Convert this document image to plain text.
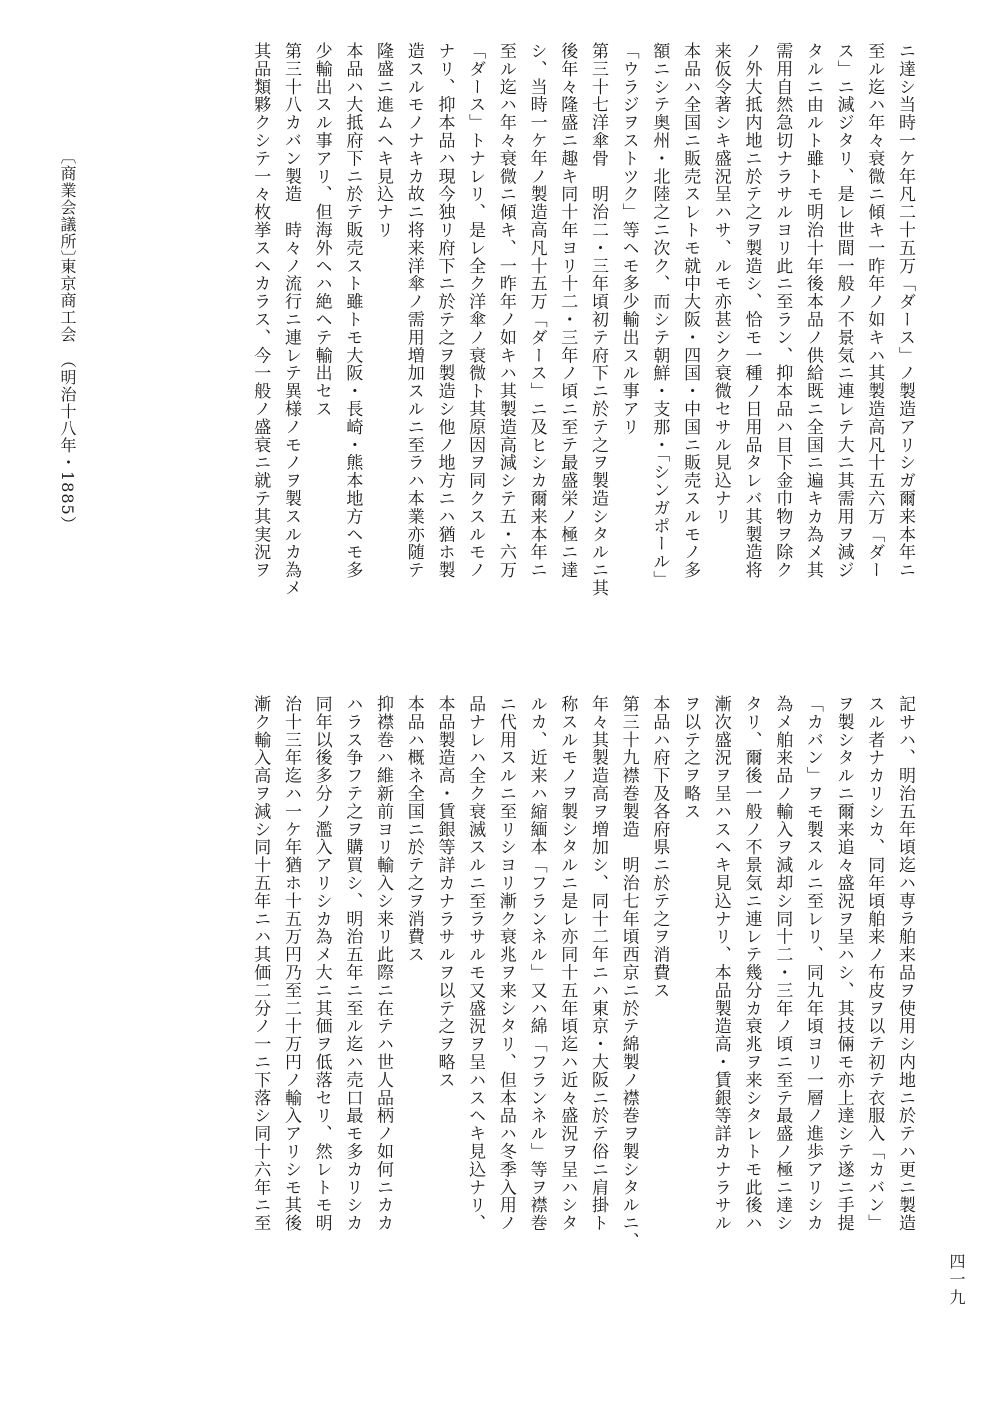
ニ達シ当時一ケ年凡二十五万「ダース」ノ製造アリシガ爾来本年ニ

至ル迄ハ年々衰微ニ傾キ一昨年ノ如キハ其製造高凡十五六万「ダー

ス」ニ減ジタリ、是レ世間一般ノ不景気ニ連レテ大ニ其需用ヲ減ジ

タルニ由ルト雖トモ明治十年後本品ノ供給既ニ全国ニ遍キカ為メ其

需用自然急切ナラサルヨリ此ニ至ラン、抑本品ハ目下金巾物ヲ除ク

ノ外大抵内地ニ於テ之ヲ製造シ、恰モ一種ノ日用品タレバ其製造将

来仮令著シキ盛況呈ハサ、ルモ亦甚シク衰微セサル見込ナリ

本品ハ全国ニ販売スレトモ就中大阪・四国・中国ニ販売スルモノ多

額ニシテ奥州・北陸之ニ次ク、而シテ朝鮮・支那・「シンガポール」

「ウラジヲストツク」等ヘモ多少輸出スル事アリ

第三十七洋傘骨　明治二・三年頃初テ府下ニ於テ之ヲ製造シタルニ其

後年々隆盛ニ趣キ同十年ヨリ十二・三年ノ頃ニ至テ最盛栄ノ極ニ達

シ、当時一ケ年ノ製造高凡十五万「ダース」ニ及ヒシカ爾来本年ニ

至ル迄ハ年々衰微ニ傾キ、一昨年ノ如キハ其製造高減シテ五・六万

「ダース」トナレリ、是レ全ク洋傘ノ衰微ト其原因ヲ同クスルモノ

ナリ、抑本品ハ現今独リ府下ニ於テ之ヲ製造シ他ノ地方ニハ猶ホ製

造スルモノナキカ故ニ将来洋傘ノ需用増加スルニ至ラハ本業亦随テ

隆盛ニ進ムヘキ見込ナリ

本品ハ大抵府下ニ於テ販売スト雖トモ大阪・長崎・熊本地方ヘモ多

少輸出スル事アリ、但海外ヘハ絶ヘテ輸出セス

第三十八カバン製造　時々ノ流行ニ連レテ異様ノモノヲ製スルカ為メ

其品類夥クシテ一々枚挙スヘカラス、今一般ノ盛衰ニ就テ其実況ヲ

記サハ、明治五年頃迄ハ専ラ舶来品ヲ使用シ内地ニ於テハ更ニ製造

スル者ナカリシカ、同年頃舶来ノ布皮ヲ以テ初テ衣服入「カバン」

ヲ製シタルニ爾来追々盛況ヲ呈ハシ、其技倆モ亦上達シテ遂ニ手提

「カバン」ヲモ製スルニ至レリ、同九年頃ヨリ一層ノ進歩アリシカ

為メ舶来品ノ輸入ヲ減却シ同十二・三年ノ頃ニ至テ最盛ノ極ニ達シ

タリ、爾後一般ノ不景気ニ連レテ幾分カ衰兆ヲ来シタレトモ此後ハ

漸次盛況ヲ呈ハスヘキ見込ナリ、本品製造高・賃銀等詳カナラサル

ヲ以テ之ヲ略ス

本品ハ府下及各府県ニ於テ之ヲ消費ス

第三十九襟巻製造　明治七年頃西京ニ於テ綿製ノ襟巻ヲ製シタルニ、

年々其製造高ヲ増加シ、同十二年ニハ東京・大阪ニ於テ俗ニ肩掛ト

称スルモノヲ製シタルニ是レ亦同十五年頃迄ハ近々盛況ヲ呈ハシタ

ルカ、近来ハ縮緬本「フランネル」又ハ綿「フランネル」等ヲ襟巻

ニ代用スルニ至リシヨリ漸ク衰兆ヲ来シタリ、但本品ハ冬季入用ノ

品ナレハ全ク衰滅スルニ至ラサルモ又盛況ヲ呈ハスヘキ見込ナリ、

本品製造高・賃銀等詳カナラサルヲ以テ之ヲ略ス

本品ハ概ネ全国ニ於テ之ヲ消費ス

抑襟巻ハ維新前ヨリ輸入シ来リ此際ニ在テハ世人品柄ノ如何ニカカ

ハラス争フテ之ヲ購買シ、明治五年ニ至ル迄ハ売口最モ多カリシカ

同年以後多分ノ濫入アリシカ為メ大ニ其価ヲ低落セリ、然レトモ明

治十三年迄ハ一ケ年猶ホ十五万円乃至二十万円ノ輸入アリシモ其後

漸ク輸入高ヲ減シ同十五年ニハ其価二分ノ一ニ下落シ同十六年ニ至

〔商業会議所〕
東京商工会
（明治十八年・1885）
四一九
